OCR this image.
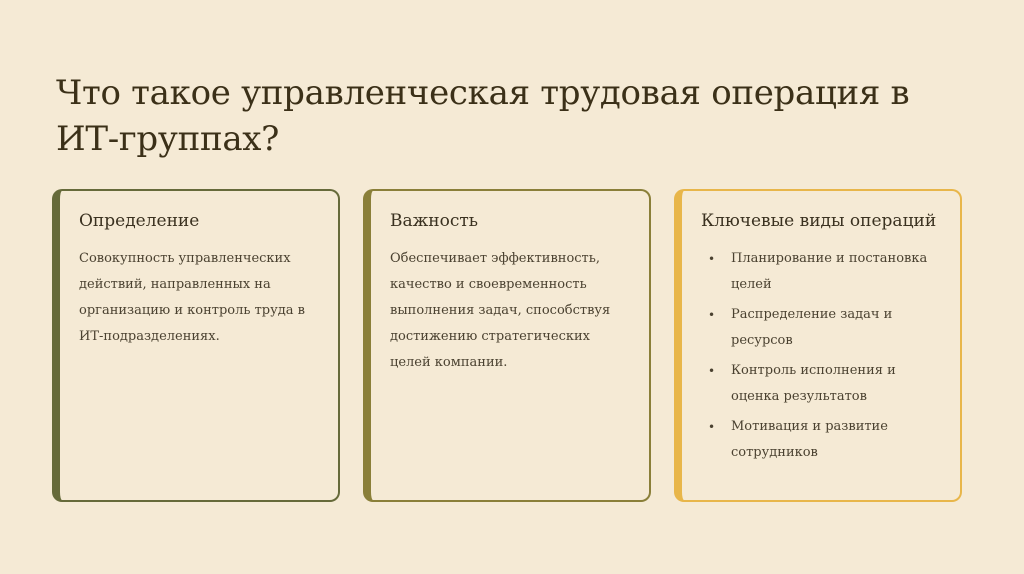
Что такое управленческая трудовая операция в ИТ-группах?
Определение
Совокупность управленческих действий, направленных на организацию и контроль труда в ИТ-подразделениях.
Важность
Обеспечивает эффективность, качество и своевременность выполнения задач, способствуя достижению стратегических целей компании.
Ключевые виды операций
• Планирование и постановка целей
• Распределение задач и ресурсов
• Контроль исполнения и оценка результатов
• Мотивация и развитие сотрудников
